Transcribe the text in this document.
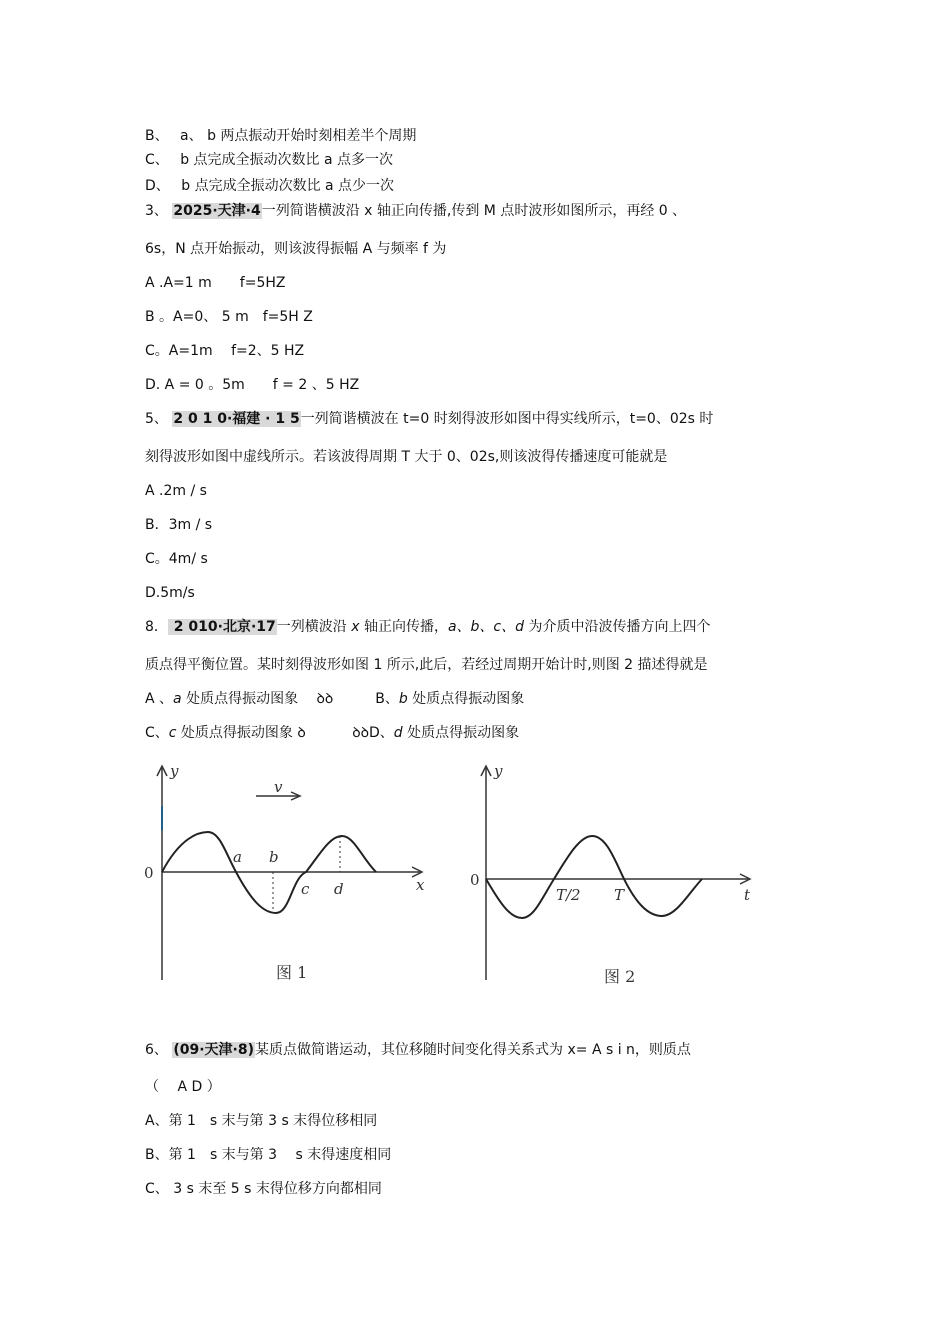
B、　 a、 b 两点振动开始时刻相差半个周期
C、　 b 点完成全振动次数比 a 点多一次
D、　 b 点完成全振动次数比 a 点少一次
3、 2025·天津·4一列简谐横波沿 x 轴正向传播,传到 M 点时波形如图所示，再经 0 、
6s，N 点开始振动，则该波得振幅 A 与频率 f 为
A .A=1 m　　f=5HZ
B 。A=0、 5 m　f=5H Z
C。A=1m　 f=2、5 HZ
D. A = 0 。5m　　f = 2 、5 HZ
5、 2 0 1 0·福建 · 1 5一列简谐横波在 t=0 时刻得波形如图中得实线所示，t=0、02s 时
刻得波形如图中虚线所示。若该波得周期 T 大于 0、02s,则该波得传播速度可能就是
A .2m / s
B．3m / s
C。4m/ s
D.5m/s
8． 2 010·北京·17一列横波沿 x 轴正向传播，a、b、c、d 为介质中沿波传播方向上四个
质点得平衡位置。某时刻得波形如图 1 所示,此后，若经过周期开始计时,则图 2 描述得就是
A 、a 处质点得振动图象　 ꝺꝺ　　　B、b 处质点得振动图象
C、c 处质点得振动图象 ꝺ　　　 ꝺꝺD、d 处质点得振动图象
y
v
0
a b
c d	x
图 1
y
0
T/2 T	t
图 2
6、 (09·天津·8)某质点做简谐运动，其位移随时间变化得关系式为 x= A s i n，则质点
（　 A D ）
A、第 1　s 末与第 3 s 末得位移相同
B、第 1　s 末与第 3　 s 末得速度相同
C、 3 s 末至 5 s 末得位移方向都相同
